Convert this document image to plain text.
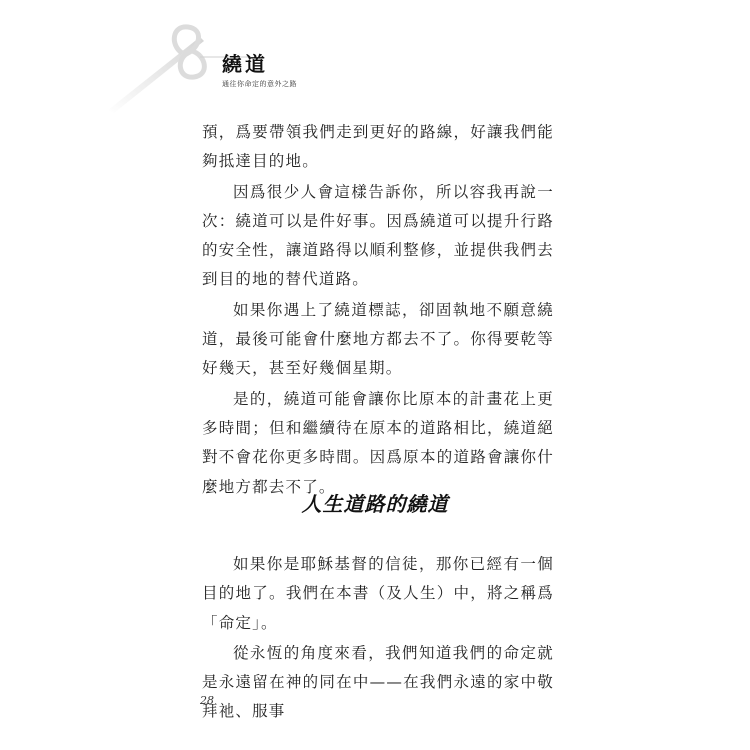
繞道
通往你命定的意外之路

預，爲要帶領我們走到更好的路線，好讓我們能夠抵達目的地。

因爲很少人會這樣告訴你，所以容我再說一次：繞道可以是件好事。因爲繞道可以提升行路的安全性，讓道路得以順利整修，並提供我們去到目的地的替代道路。

如果你遇上了繞道標誌，卻固執地不願意繞道，最後可能會什麼地方都去不了。你得要乾等好幾天，甚至好幾個星期。

是的，繞道可能會讓你比原本的計畫花上更多時間；但和繼續待在原本的道路相比，繞道絕對不會花你更多時間。因爲原本的道路會讓你什麼地方都去不了。

人生道路的繞道

如果你是耶穌基督的信徒，那你已經有一個目的地了。我們在本書（及人生）中，將之稱爲「命定」。

從永恆的角度來看，我們知道我們的命定就是永遠留在神的同在中——在我們永遠的家中敬拜祂、服事

28
